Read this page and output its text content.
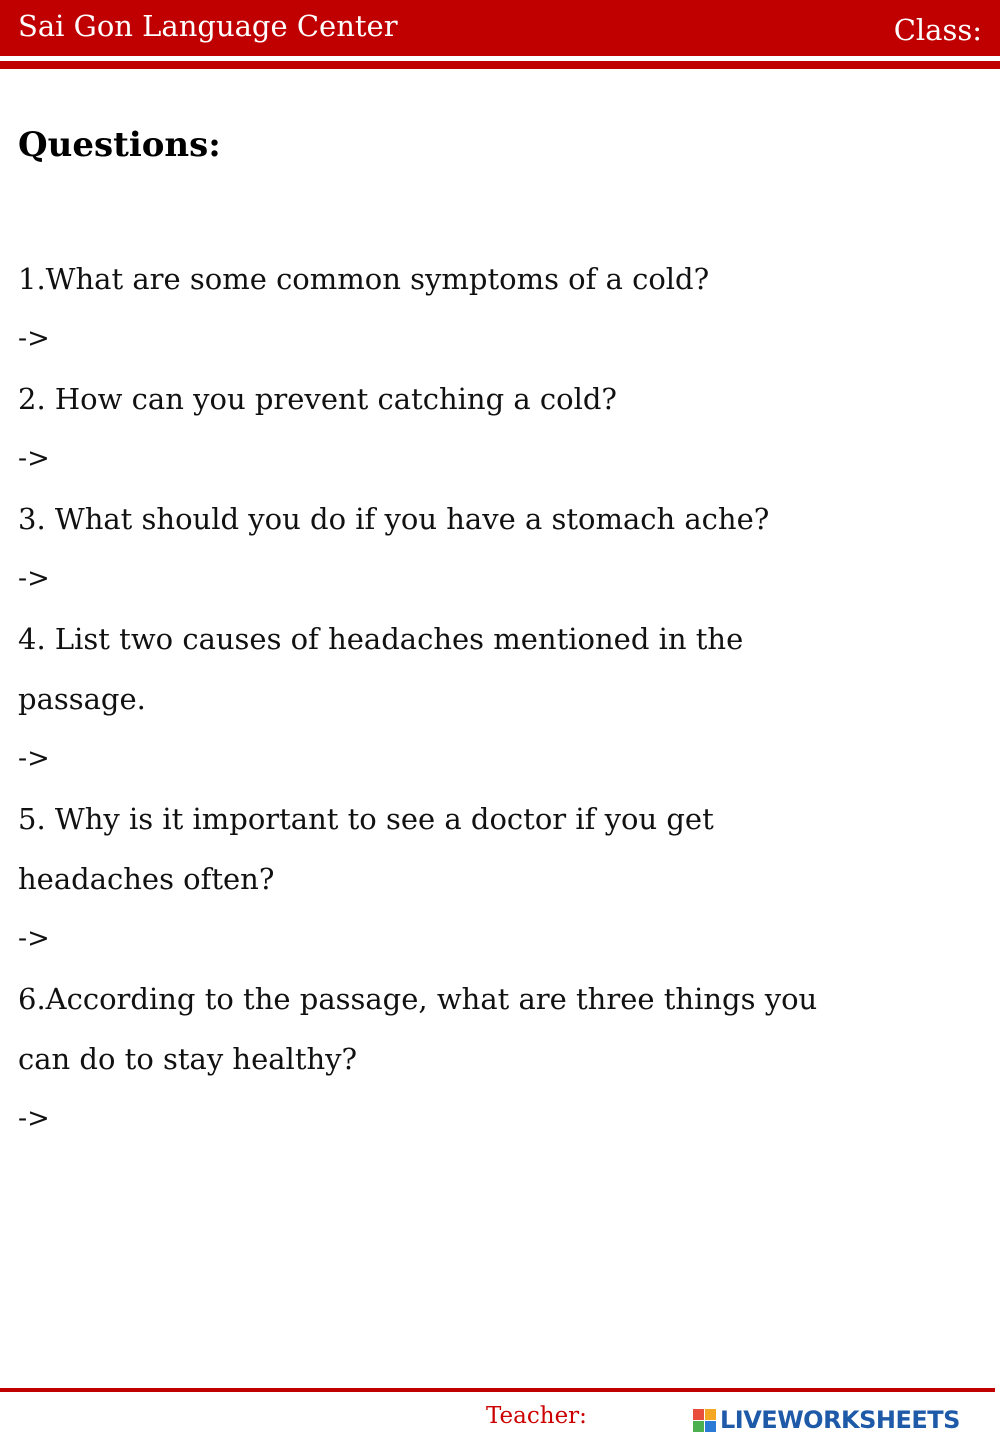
Sai Gon Language Center	Class:
Questions:
1.What are some common symptoms of a cold?
->
2. How can you prevent catching a cold?
->
3. What should you do if you have a stomach ache?
->
4. List two causes of headaches mentioned in the
passage.
->
5. Why is it important to see a doctor if you get
headaches often?
->
6.According to the passage, what are three things you
can do to stay healthy?
->
Teacher:	LIVEWORKSHEETS
